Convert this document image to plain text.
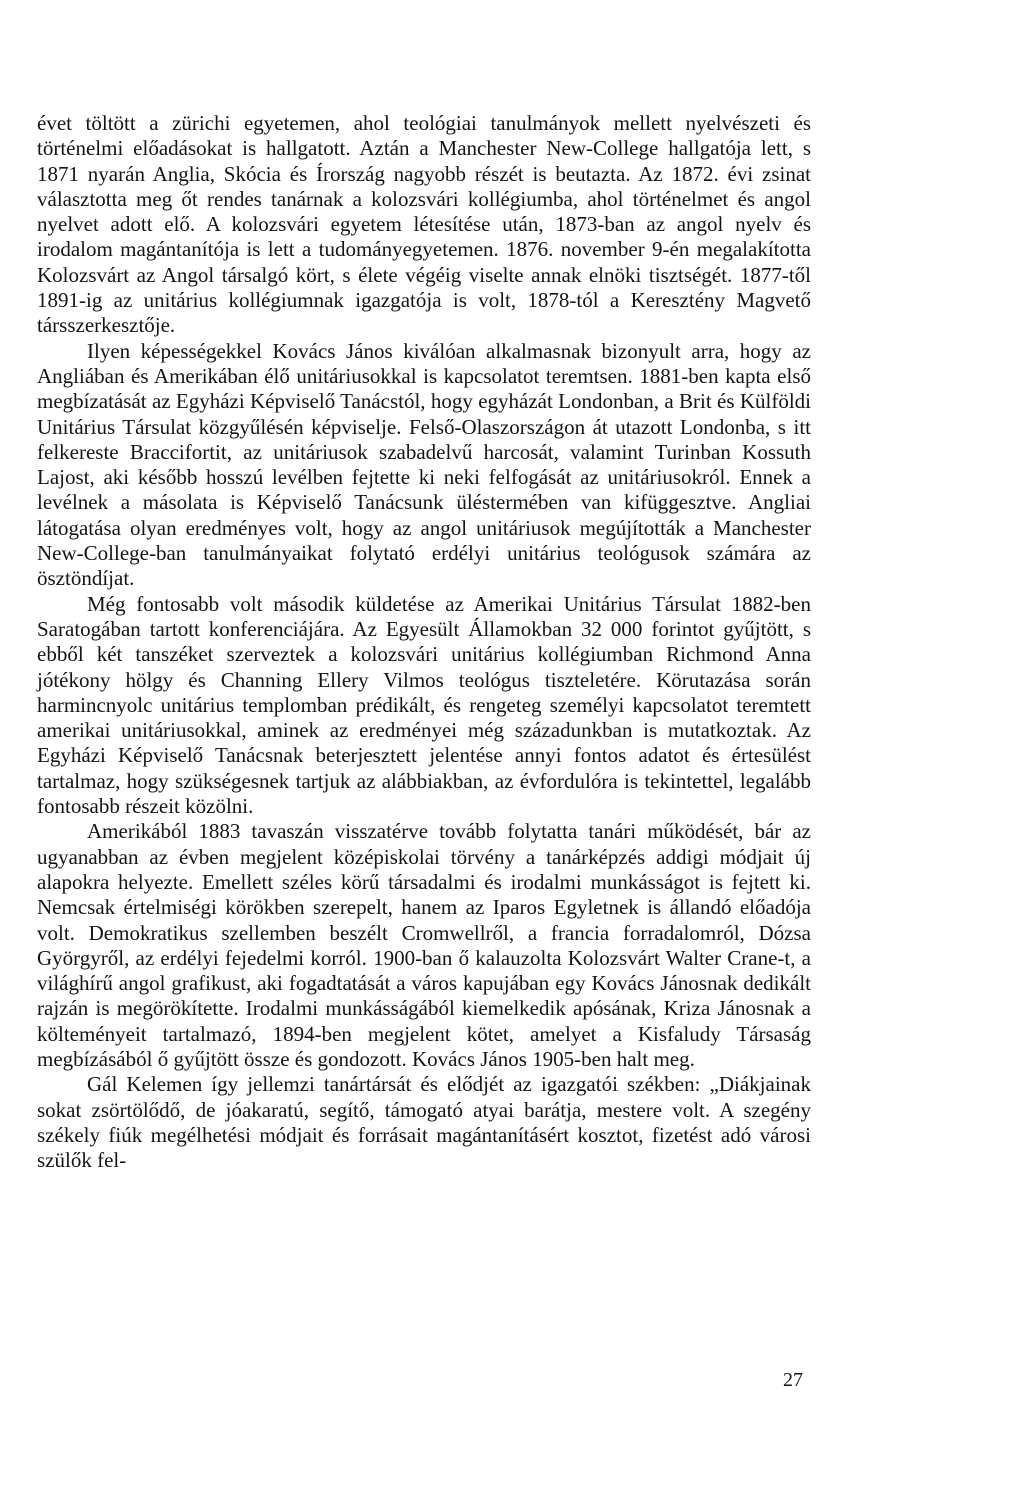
évet töltött a zürichi egyetemen, ahol teológiai tanulmányok mellett nyelvészeti és történelmi előadásokat is hallgatott. Aztán a Manchester New-College hallgatója lett, s 1871 nyarán Anglia, Skócia és Írország nagyobb részét is beutazta. Az 1872. évi zsinat választotta meg őt rendes tanárnak a kolozsvári kollégiumba, ahol történelmet és angol nyelvet adott elő. A kolozsvári egyetem létesítése után, 1873-ban az angol nyelv és irodalom magántanítója is lett a tudományegyetemen. 1876. november 9-én megalakította Kolozsvárt az Angol társalgó kört, s élete végéig viselte annak elnöki tisztségét. 1877-től 1891-ig az unitárius kollégiumnak igazgatója is volt, 1878-tól a Keresztény Magvető társszerkesztője.

Ilyen képességekkel Kovács János kiválóan alkalmasnak bizonyult arra, hogy az Angliában és Amerikában élő unitáriusokkal is kapcsolatot teremtsen. 1881-ben kapta első megbízatását az Egyházi Képviselő Tanácstól, hogy egyházát Londonban, a Brit és Külföldi Unitárius Társulat közgyűlésén képviselje. Felső-Olaszországon át utazott Londonba, s itt felkereste Braccifortit, az unitáriusok szabadelvű harcosát, valamint Turinban Kossuth Lajost, aki később hosszú levélben fejtette ki neki felfogását az unitáriusokról. Ennek a levélnek a másolata is Képviselő Tanácsunk üléstermében van kifüggesztve. Angliai látogatása olyan eredményes volt, hogy az angol unitáriusok megújították a Manchester New-College-ban tanulmányaikat folytató erdélyi unitárius teológusok számára az ösztöndíjat.

Még fontosabb volt második küldetése az Amerikai Unitárius Társulat 1882-ben Saratogában tartott konferenciájára. Az Egyesült Államokban 32 000 forintot gyűjtött, s ebből két tanszéket szerveztek a kolozsvári unitárius kollégiumban Richmond Anna jótékony hölgy és Channing Ellery Vilmos teológus tiszteletére. Körutazása során harmincnyolc unitárius templomban prédikált, és rengeteg személyi kapcsolatot teremtett amerikai unitáriusokkal, aminek az eredményei még századunkban is mutatkoztak. Az Egyházi Képviselő Tanácsnak beterjesztett jelentése annyi fontos adatot és értesülést tartalmaz, hogy szükségesnek tartjuk az alábbiakban, az évfordulóra is tekintettel, legalább fontosabb részeit közölni.

Amerikából 1883 tavaszán visszatérve tovább folytatta tanári működését, bár az ugyanabban az évben megjelent középiskolai törvény a tanárképzés addigi módjait új alapokra helyezte. Emellett széles körű társadalmi és irodalmi munkásságot is fejtett ki. Nemcsak értelmiségi körökben szerepelt, hanem az Iparos Egyletnek is állandó előadója volt. Demokratikus szellemben beszélt Cromwellről, a francia forradalomról, Dózsa Györgyről, az erdélyi fejedelmi korról. 1900-ban ő kalauzolta Kolozsvárt Walter Crane-t, a világhírű angol grafikust, aki fogadtatását a város kapujában egy Kovács Jánosnak dedikált rajzán is megörökítette. Irodalmi munkásságából kiemelkedik apósának, Kriza Jánosnak a költeményeit tartalmazó, 1894-ben megjelent kötet, amelyet a Kisfaludy Társaság megbízásából ő gyűjtött össze és gondozott. Kovács János 1905-ben halt meg.

Gál Kelemen így jellemzi tanártársát és elődjét az igazgatói székben: „Diákjainak sokat zsörtölődő, de jóakaratú, segítő, támogató atyai barátja, mestere volt. A szegény székely fiúk megélhetési módjait és forrásait magántanításért kosztot, fizetést adó városi szülők fel-

27
